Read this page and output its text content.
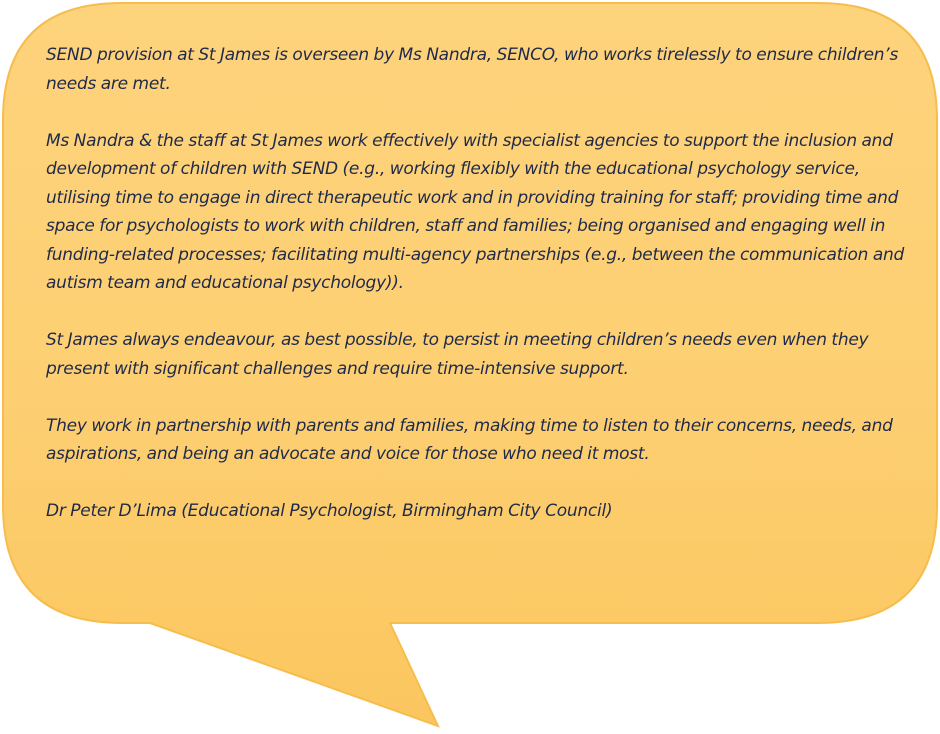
SEND provision at St James is overseen by Ms Nandra, SENCO, who works tirelessly to ensure children’s needs are met.

Ms Nandra & the staff at St James work effectively with specialist agencies to support the inclusion and development of children with SEND (e.g., working flexibly with the educational psychology service, utilising time to engage in direct therapeutic work and in providing training for staff; providing time and space for psychologists to work with children, staff and families; being organised and engaging well in funding-related processes; facilitating multi-agency partnerships (e.g., between the communication and autism team and educational psychology)).

St James always endeavour, as best possible, to persist in meeting children’s needs even when they present with significant challenges and require time-intensive support.

They work in partnership with parents and families, making time to listen to their concerns, needs, and aspirations, and being an advocate and voice for those who need it most.

Dr Peter D’Lima (Educational Psychologist, Birmingham City Council)
